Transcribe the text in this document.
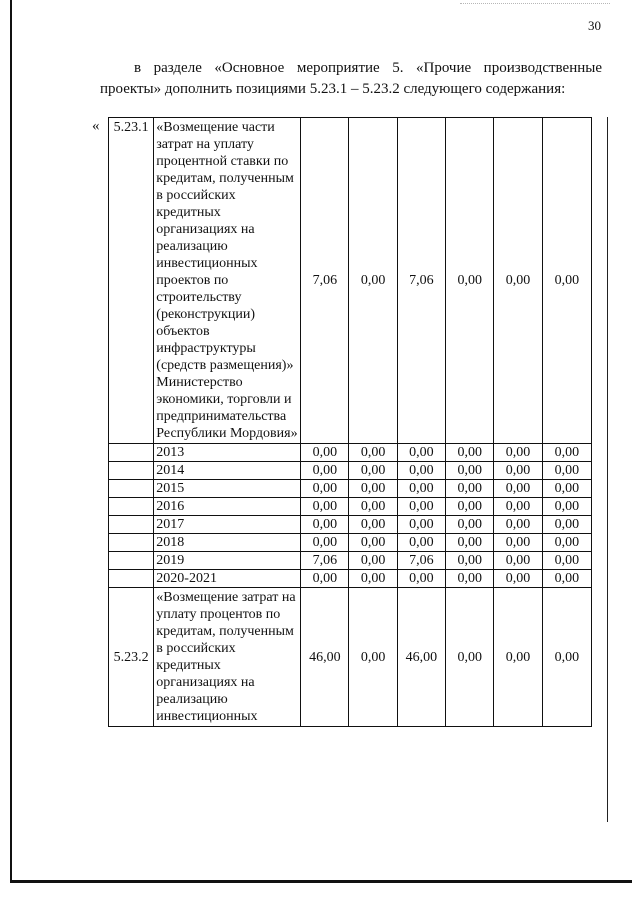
30
в разделе «Основное мероприятие 5. «Прочие производственные
проекты» дополнить позициями 5.23.1 – 5.23.2 следующего содержания:
« 5.23.1	«Возмещение части затрат на уплату процентной ставки по кредитам, полученным в российских кредитных организациях на реализацию инвестиционных проектов по строительству (реконструкции) объектов инфраструктуры (средств размещения)» Министерство экономики, торговли и предпринимательства Республики Мордовия»	7,06	0,00	7,06	0,00	0,00	0,00
	2013	0,00	0,00	0,00	0,00	0,00	0,00
	2014	0,00	0,00	0,00	0,00	0,00	0,00
	2015	0,00	0,00	0,00	0,00	0,00	0,00
	2016	0,00	0,00	0,00	0,00	0,00	0,00
	2017	0,00	0,00	0,00	0,00	0,00	0,00
	2018	0,00	0,00	0,00	0,00	0,00	0,00
	2019	7,06	0,00	7,06	0,00	0,00	0,00
	2020-2021	0,00	0,00	0,00	0,00	0,00	0,00
5.23.2	«Возмещение затрат на уплату процентов по кредитам, полученным в российских кредитных организациях на реализацию инвестиционных	46,00	0,00	46,00	0,00	0,00	0,00
